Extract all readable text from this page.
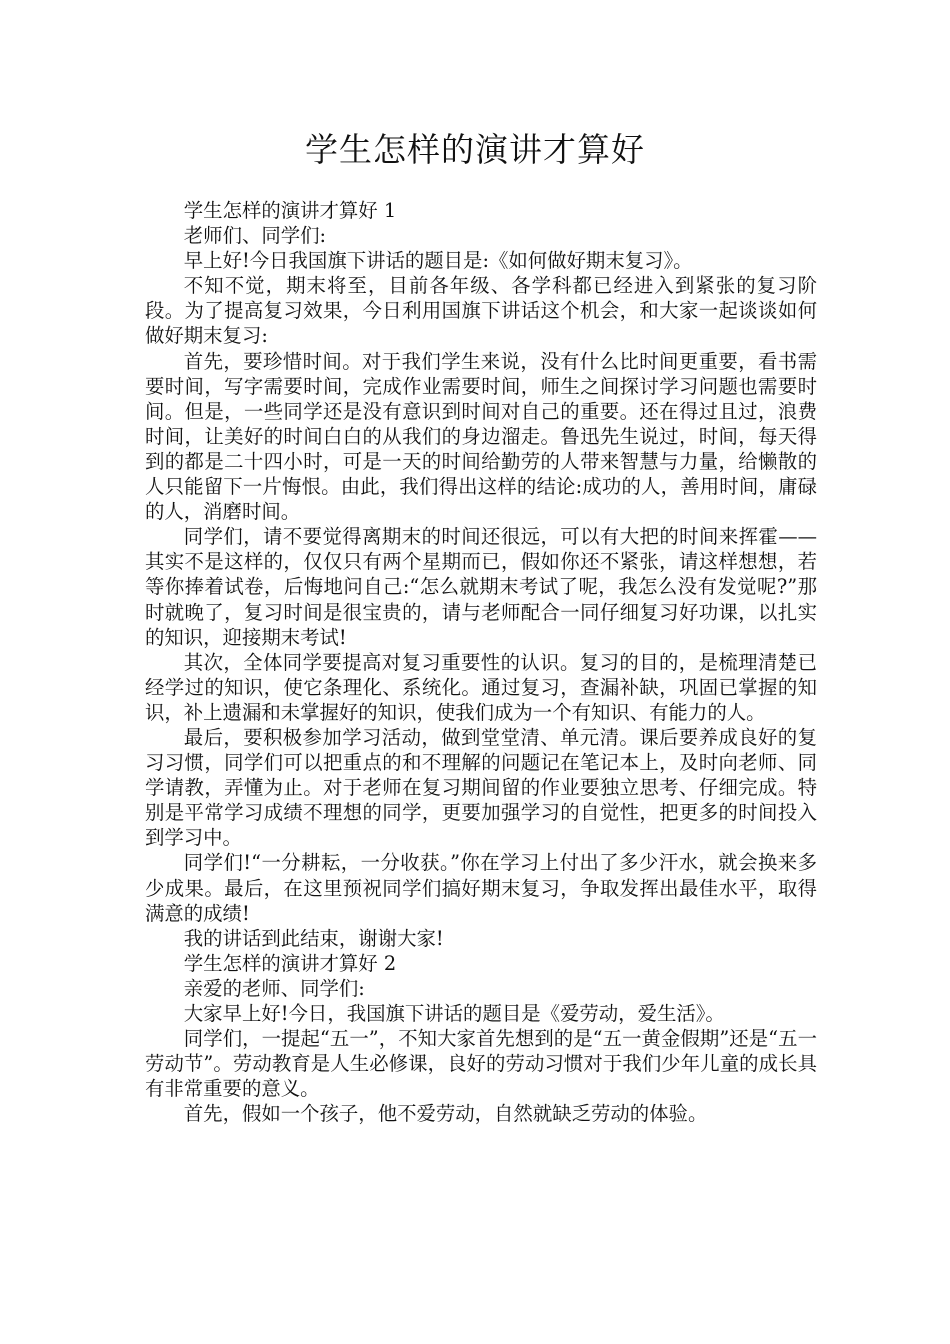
学生怎样的演讲才算好

学生怎样的演讲才算好 1

老师们、同学们:

早上好!今日我国旗下讲话的题目是:《如何做好期末复习》。

不知不觉，期末将至，目前各年级、各学科都已经进入到紧张的复习阶段。为了提高复习效果，今日利用国旗下讲话这个机会，和大家一起谈谈如何做好期末复习:

首先，要珍惜时间。对于我们学生来说，没有什么比时间更重要，看书需要时间，写字需要时间，完成作业需要时间，师生之间探讨学习问题也需要时间。但是，一些同学还是没有意识到时间对自己的重要。还在得过且过，浪费时间，让美好的时间白白的从我们的身边溜走。鲁迅先生说过，时间，每天得到的都是二十四小时，可是一天的时间给勤劳的人带来智慧与力量，给懒散的人只能留下一片悔恨。由此，我们得出这样的结论:成功的人，善用时间，庸碌的人，消磨时间。

同学们，请不要觉得离期末的时间还很远，可以有大把的时间来挥霍——其实不是这样的，仅仅只有两个星期而已，假如你还不紧张，请这样想想，若等你捧着试卷，后悔地问自己:“怎么就期末考试了呢，我怎么没有发觉呢?”那时就晚了，复习时间是很宝贵的，请与老师配合一同仔细复习好功课，以扎实的知识，迎接期末考试!

其次，全体同学要提高对复习重要性的认识。复习的目的，是梳理清楚已经学过的知识，使它条理化、系统化。通过复习，查漏补缺，巩固已掌握的知识，补上遗漏和未掌握好的知识，使我们成为一个有知识、有能力的人。

最后，要积极参加学习活动，做到堂堂清、单元清。课后要养成良好的复习习惯，同学们可以把重点的和不理解的问题记在笔记本上，及时向老师、同学请教，弄懂为止。对于老师在复习期间留的作业要独立思考、仔细完成。特别是平常学习成绩不理想的同学，更要加强学习的自觉性，把更多的时间投入到学习中。

同学们!“一分耕耘，一分收获。”你在学习上付出了多少汗水，就会换来多少成果。最后，在这里预祝同学们搞好期末复习，争取发挥出最佳水平，取得满意的成绩!

我的讲话到此结束，谢谢大家!

学生怎样的演讲才算好 2

亲爱的老师、同学们:

大家早上好!今日，我国旗下讲话的题目是《爱劳动，爱生活》。

同学们，一提起“五一”，不知大家首先想到的是“五一黄金假期”还是“五一劳动节”。劳动教育是人生必修课，良好的劳动习惯对于我们少年儿童的成长具有非常重要的意义。

首先，假如一个孩子，他不爱劳动，自然就缺乏劳动的体验。
